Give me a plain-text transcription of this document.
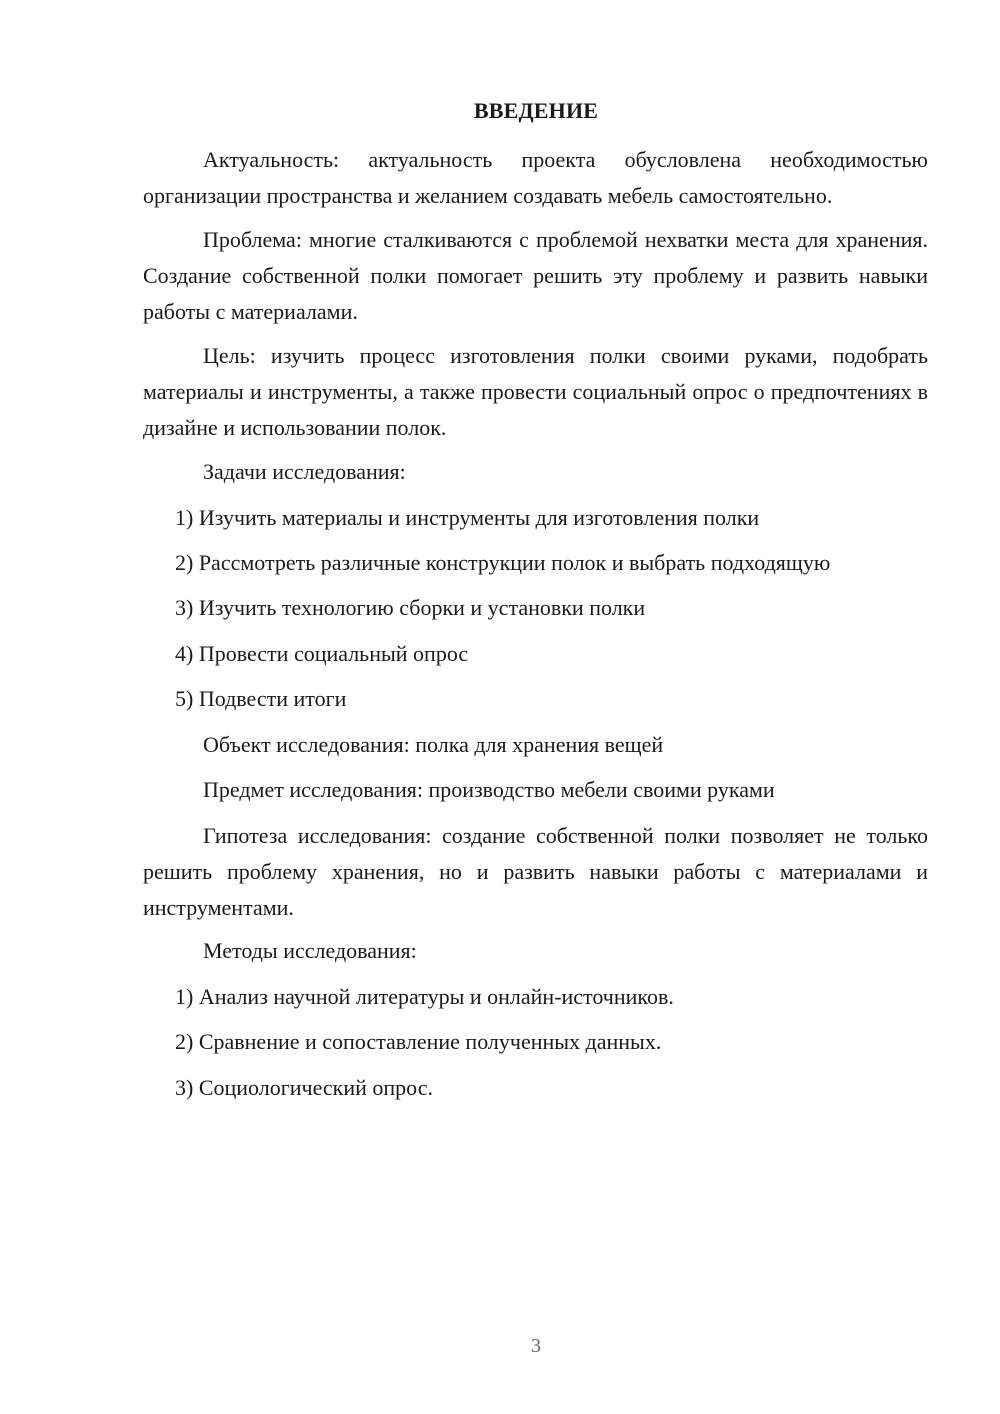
ВВЕДЕНИЕ

Актуальность: актуальность проекта обусловлена необходимостью организации пространства и желанием создавать мебель самостоятельно.

Проблема: многие сталкиваются с проблемой нехватки места для хранения. Создание собственной полки помогает решить эту проблему и развить навыки работы с материалами.

Цель: изучить процесс изготовления полки своими руками, подобрать материалы и инструменты, а также провести социальный опрос о предпочтениях в дизайне и использовании полок.

Задачи исследования:

1) Изучить материалы и инструменты для изготовления полки

2) Рассмотреть различные конструкции полок и выбрать подходящую

3) Изучить технологию сборки и установки полки

4) Провести социальный опрос

5) Подвести итоги

Объект исследования: полка для хранения вещей

Предмет исследования: производство мебели своими руками

Гипотеза исследования: создание собственной полки позволяет не только решить проблему хранения, но и развить навыки работы с материалами и инструментами.

Методы исследования:

1) Анализ научной литературы и онлайн-источников.

2) Сравнение и сопоставление полученных данных.

3) Социологический опрос.

3
